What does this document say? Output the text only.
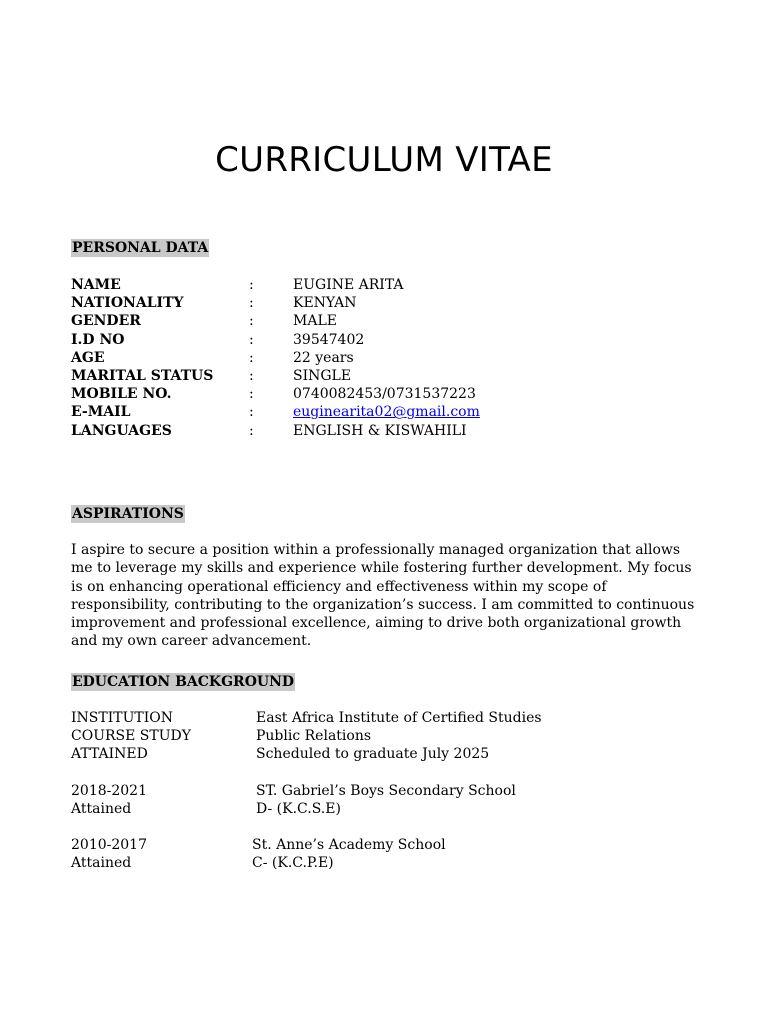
CURRICULUM VITAE
PERSONAL DATA
NAME	:	EUGINE ARITA
NATIONALITY	:	KENYAN
GENDER	:	MALE
I.D NO	:	39547402
AGE	:	22 years
MARITAL STATUS	:	SINGLE
MOBILE NO.	:	0740082453/0731537223
E-MAIL	:	euginearita02@gmail.com
LANGUAGES	:	ENGLISH & KISWAHILI
ASPIRATIONS
I aspire to secure a position within a professionally managed organization that allows me to leverage my skills and experience while fostering further development. My focus is on enhancing operational efficiency and effectiveness within my scope of responsibility, contributing to the organization’s success. I am committed to continuous improvement and professional excellence, aiming to drive both organizational growth and my own career advancement.
EDUCATION BACKGROUND
INSTITUTION	East Africa Institute of Certified Studies
COURSE STUDY	Public Relations
ATTAINED	Scheduled to graduate July 2025
2018-2021	ST. Gabriel’s Boys Secondary School
Attained	D- (K.C.S.E)
2010-2017	St. Anne’s Academy School
Attained	C- (K.C.P.E)
